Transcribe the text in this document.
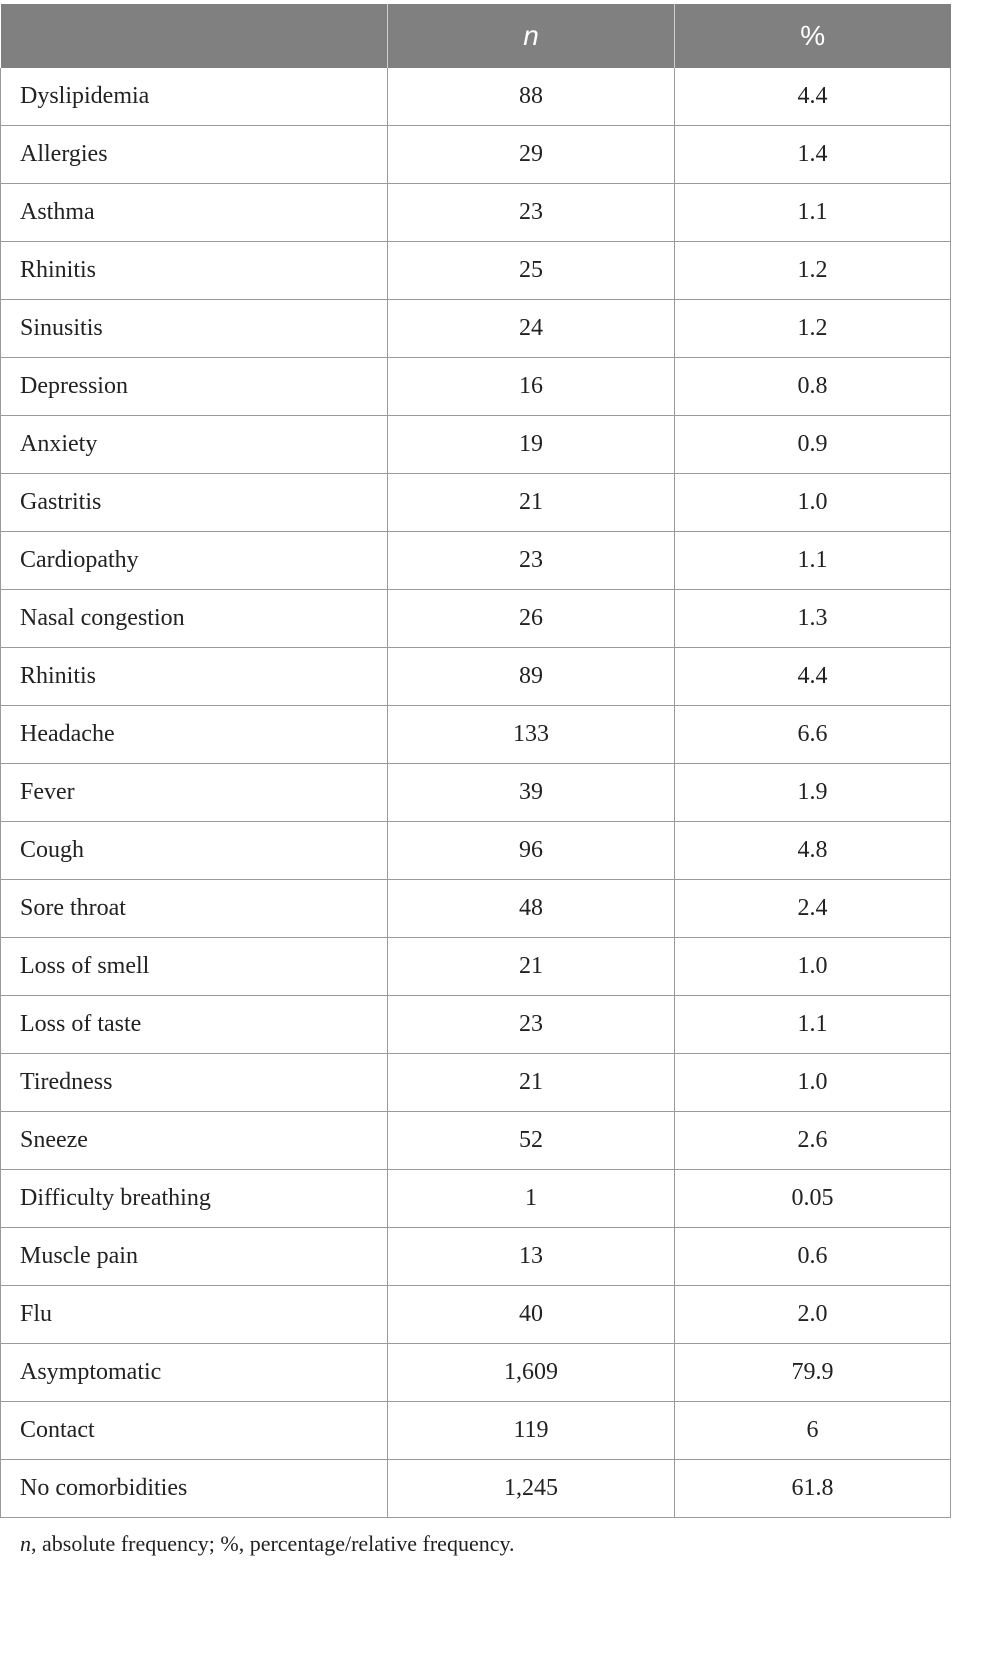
	n	%
Dyslipidemia	88	4.4
Allergies	29	1.4
Asthma	23	1.1
Rhinitis	25	1.2
Sinusitis	24	1.2
Depression	16	0.8
Anxiety	19	0.9
Gastritis	21	1.0
Cardiopathy	23	1.1
Nasal congestion	26	1.3
Rhinitis	89	4.4
Headache	133	6.6
Fever	39	1.9
Cough	96	4.8
Sore throat	48	2.4
Loss of smell	21	1.0
Loss of taste	23	1.1
Tiredness	21	1.0
Sneeze	52	2.6
Difficulty breathing	1	0.05
Muscle pain	13	0.6
Flu	40	2.0
Asymptomatic	1,609	79.9
Contact	119	6
No comorbidities	1,245	61.8
n, absolute frequency; %, percentage/relative frequency.
